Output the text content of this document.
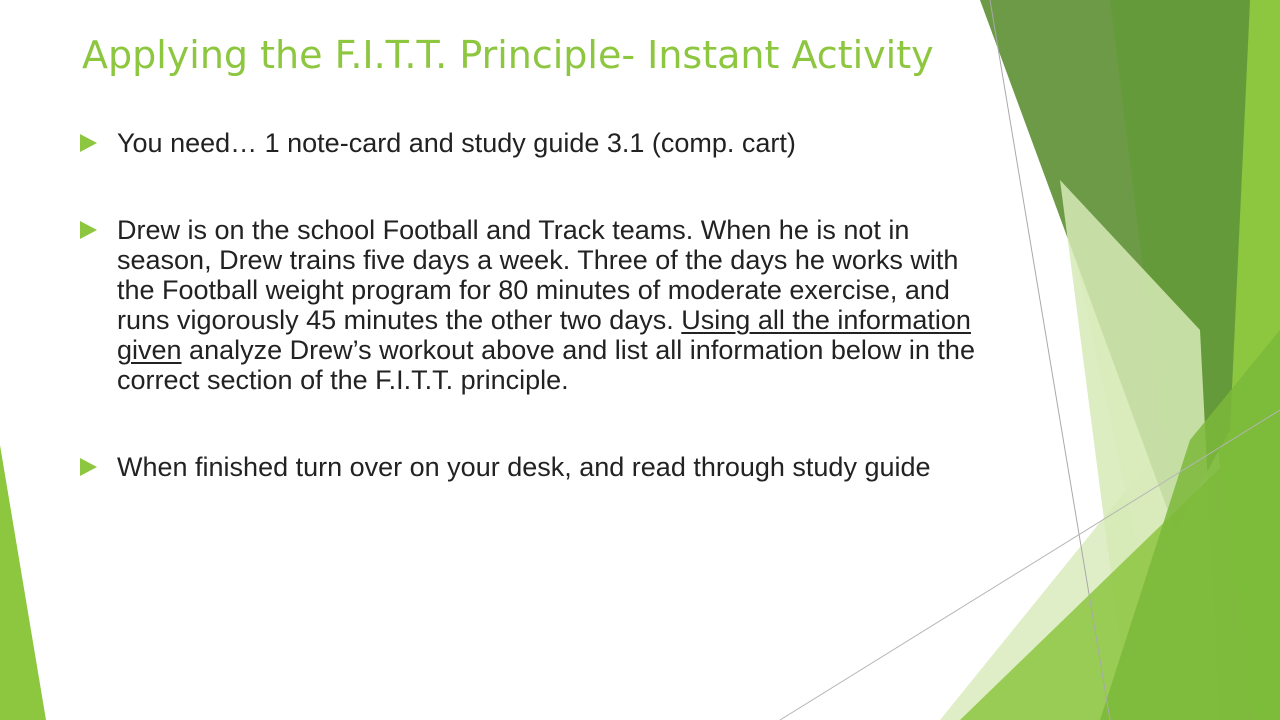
Applying the F.I.T.T. Principle- Instant Activity
You need… 1 note-card and study guide 3.1 (comp. cart)
Drew is on the school Football and Track teams. When he is not in season, Drew trains five days a week. Three of the days he works with the Football weight program for 80 minutes of moderate exercise, and runs vigorously 45 minutes the other two days. Using all the information given analyze Drew’s workout above and list all information below in the correct section of the F.I.T.T. principle.
When finished turn over on your desk, and read through study guide
